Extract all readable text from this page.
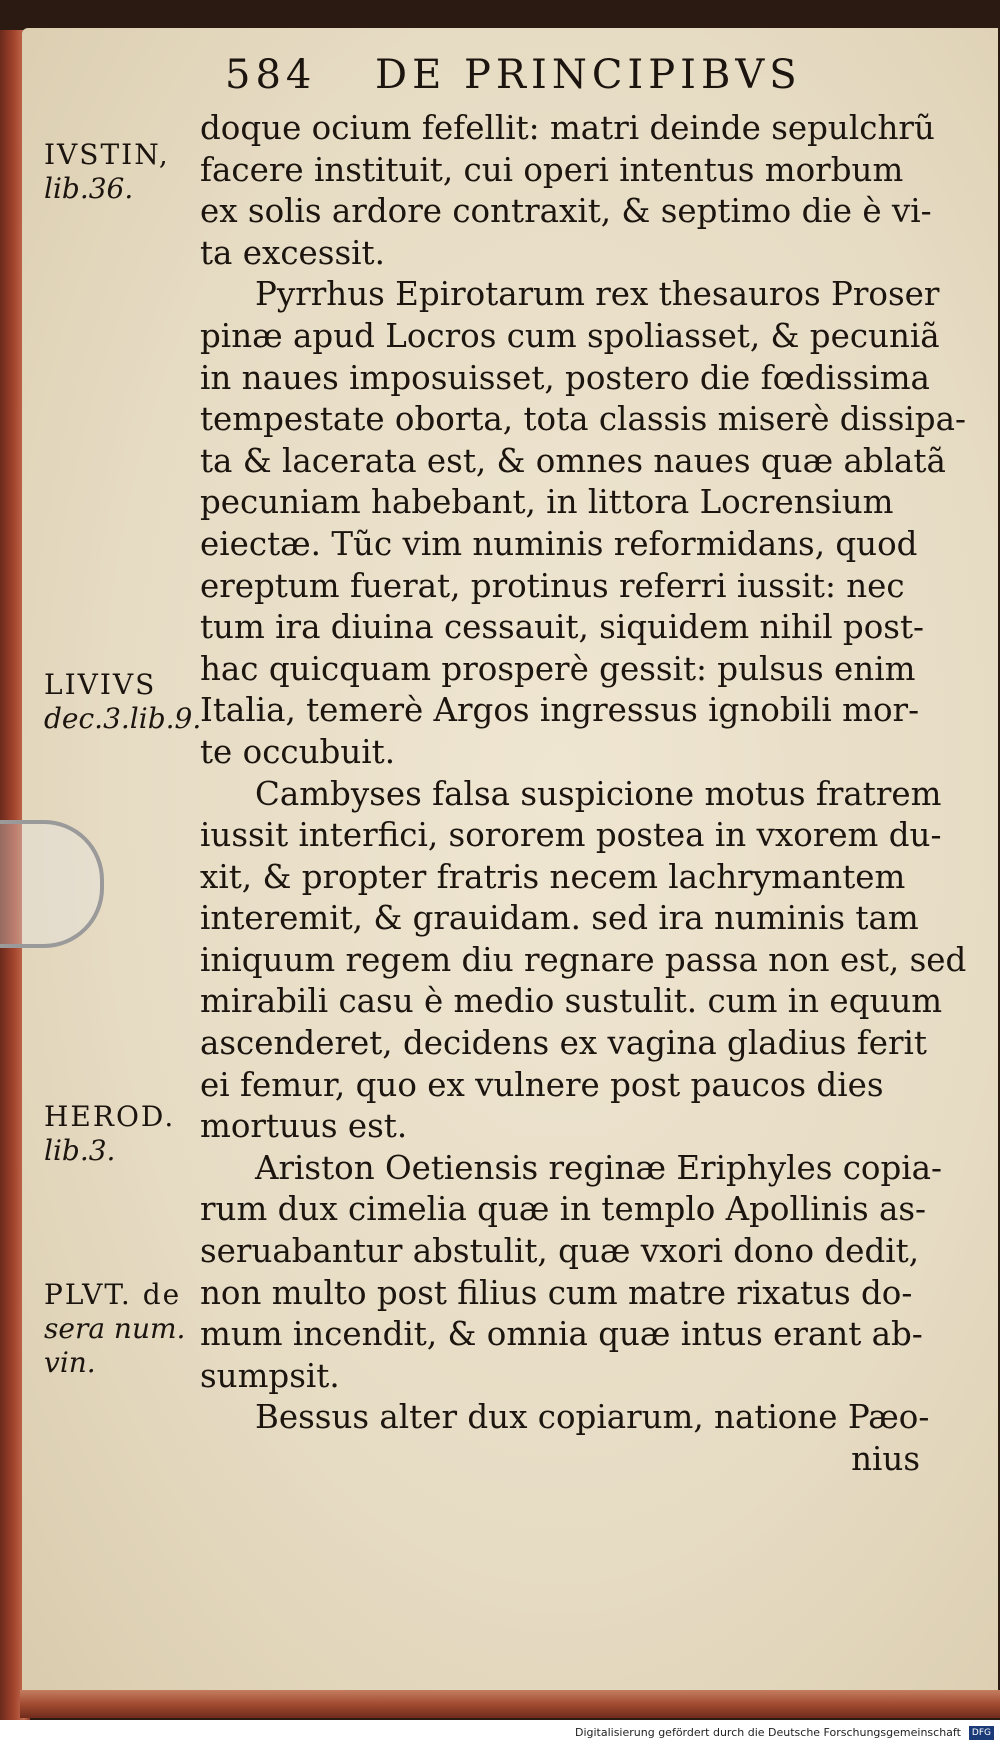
584 DE PRINCIPIBVS
IVSTIN,
lib.36.
LIVIVS
dec.3.lib.9.
HEROD.
lib.3.
PLVT. de
sera num.
vin.
doque ocium fefellit: matri deinde sepulchrũ
facere instituit, cui operi intentus morbum
ex solis ardore contraxit, & septimo die è vi-
ta excessit.
Pyrrhus Epirotarum rex thesauros Proser
pinæ apud Locros cum spoliasset, & pecuniã
in naues imposuisset, postero die fœdissima
tempestate oborta, tota classis miserè dissipa-
ta & lacerata est, & omnes naues quæ ablatã
pecuniam habebant, in littora Locrensium
eiectæ. Tũc vim numinis reformidans, quod
ereptum fuerat, protinus referri iussit: nec
tum ira diuina cessauit, siquidem nihil post-
hac quicquam prosperè gessit: pulsus enim
Italia, temerè Argos ingressus ignobili mor-
te occubuit.
Cambyses falsa suspicione motus fratrem
iussit interfici, sororem postea in vxorem du-
xit, & propter fratris necem lachrymantem
interemit, & grauidam. sed ira numinis tam
iniquum regem diu regnare passa non est, sed
mirabili casu è medio sustulit. cum in equum
ascenderet, decidens ex vagina gladius ferit
ei femur, quo ex vulnere post paucos dies
mortuus est.
Ariston Oetiensis reginæ Eriphyles copia-
rum dux cimelia quæ in templo Apollinis as-
seruabantur abstulit, quæ vxori dono dedit,
non multo post filius cum matre rixatus do-
mum incendit, & omnia quæ intus erant ab-
sumpsit.
Bessus alter dux copiarum, natione Pæo-
nius
Digitalisierung gefördert durch die Deutsche Forschungsgemeinschaft DFG
